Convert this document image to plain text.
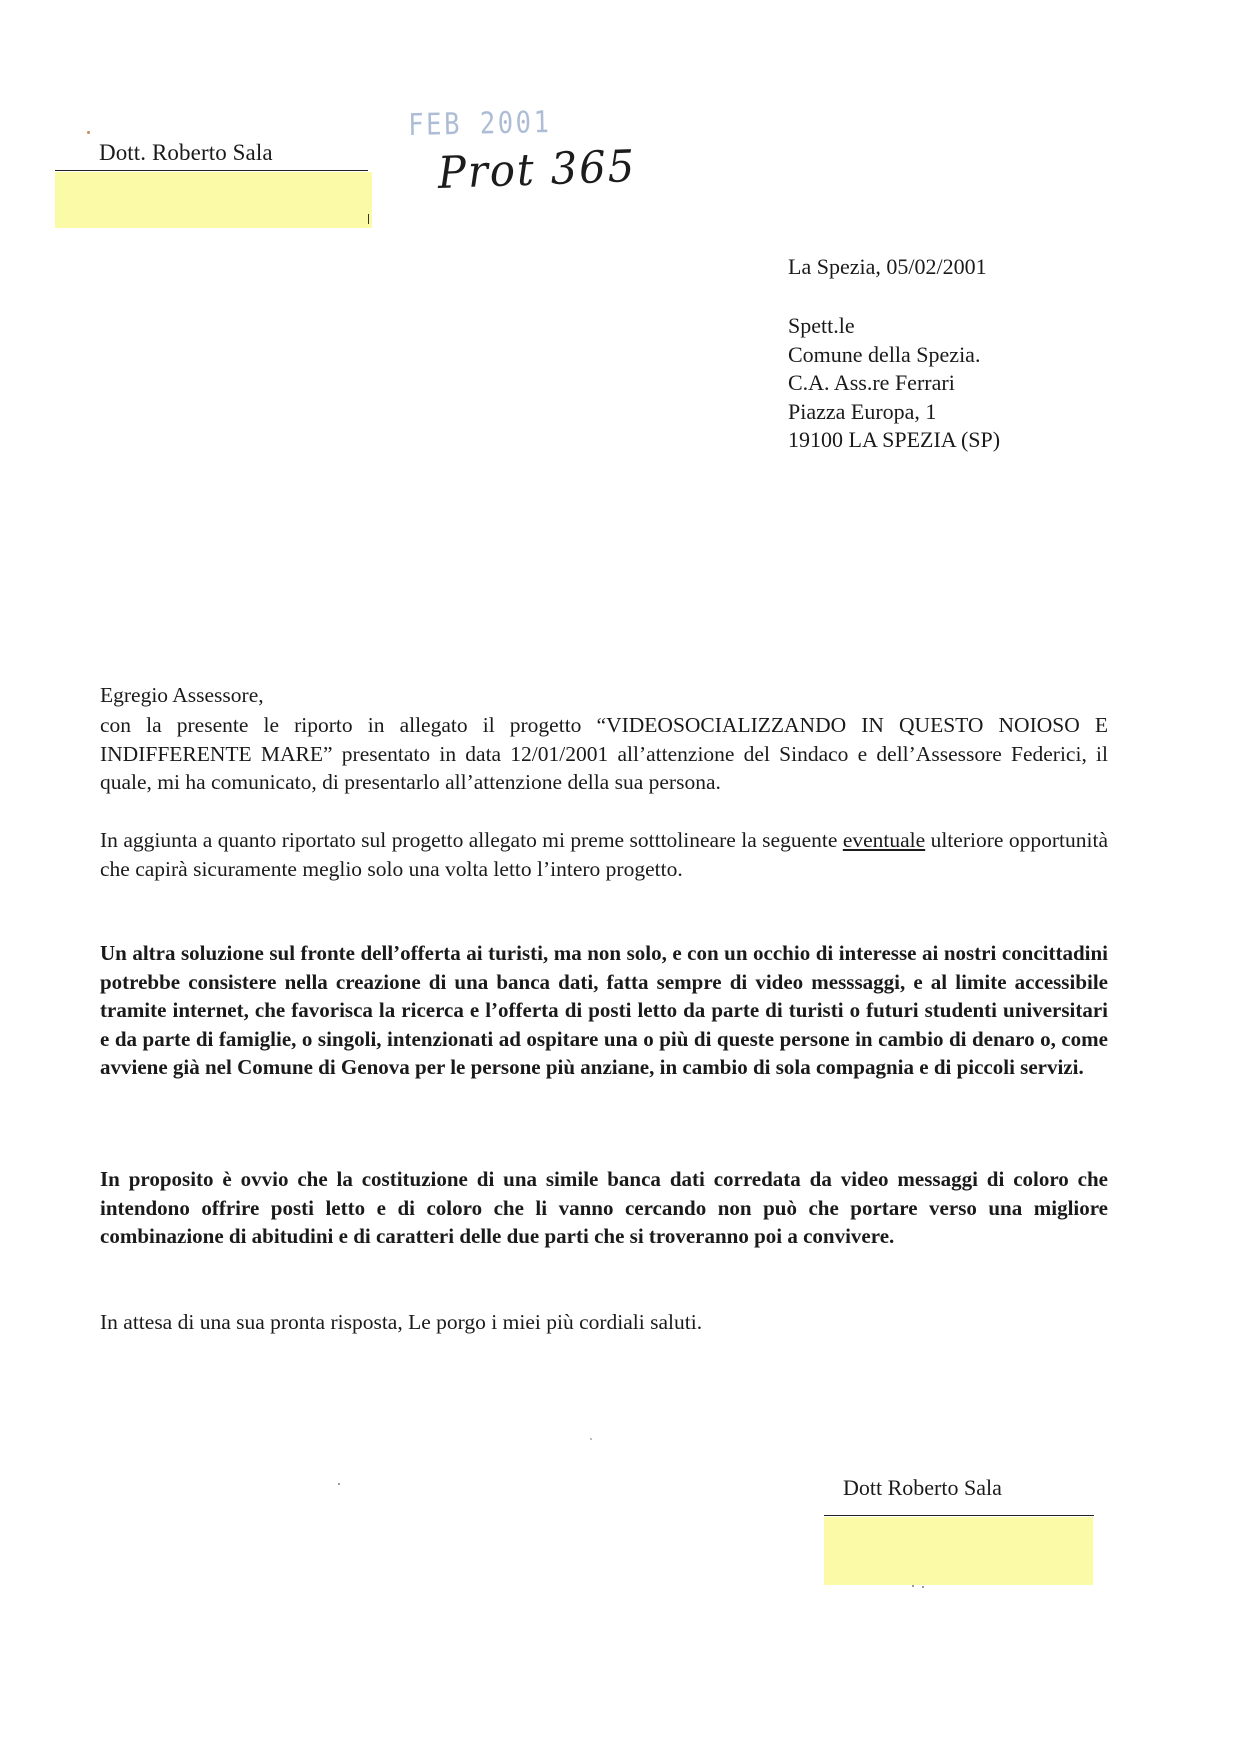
Dott. Roberto Sala
FEB 2001
Prot 365
La Spezia, 05/02/2001
Spett.le
Comune della Spezia.
C.A. Ass.re Ferrari
Piazza Europa, 1
19100 LA SPEZIA (SP)
Egregio Assessore,
con la presente le riporto in allegato il progetto “VIDEOSOCIALIZZANDO IN QUESTO NOIOSO E INDIFFERENTE MARE” presentato in data 12/01/2001 all’attenzione del Sindaco e dell’Assessore Federici, il quale, mi ha comunicato, di presentarlo all’attenzione della sua persona.
In aggiunta a quanto riportato sul progetto allegato mi preme sotttolineare la seguente eventuale ulteriore opportunità che capirà sicuramente meglio solo una volta letto l’intero progetto.
Un altra soluzione sul fronte dell’offerta ai turisti, ma non solo, e con un occhio di interesse ai nostri concittadini potrebbe consistere nella creazione di una banca dati, fatta sempre di video messsaggi, e al limite accessibile tramite internet, che favorisca la ricerca e l’offerta di posti letto da parte di turisti o futuri studenti universitari e da parte di famiglie, o singoli, intenzionati ad ospitare una o più di queste persone in cambio di denaro o, come avviene già nel Comune di Genova per le persone più anziane, in cambio di sola compagnia e di piccoli servizi.
In proposito è ovvio che la costituzione di una simile banca dati corredata da video messaggi di coloro che intendono offrire posti letto e di coloro che li vanno cercando non può che portare verso una migliore combinazione di abitudini e di caratteri delle due parti che si troveranno poi a convivere.
In attesa di una sua pronta risposta, Le porgo i miei più cordiali saluti.
Dott Roberto Sala
